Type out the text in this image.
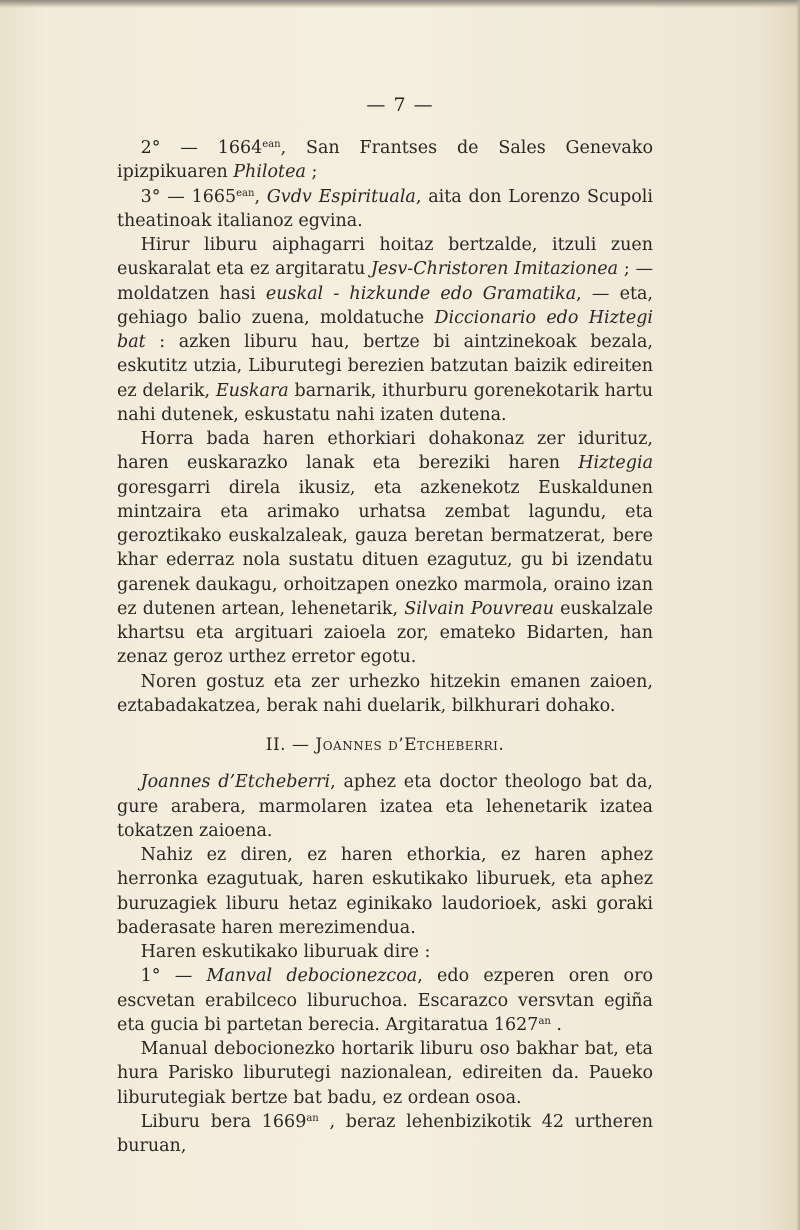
— 7 —

2° — $1664^{ean}$, San Frantses de Sales Genevako ipizpikuaren Philotea ;

3° — $1665^{ean}$, Gvdv Espirituala, aita don Lorenzo Scupoli theatinoak italianoz egvina.

Hirur liburu aiphagarri hoitaz bertzalde, itzuli zuen euskaralat eta ez argitaratu Jesv-Christoren Imitazionea ; — moldatzen hasi euskal - hizkunde edo Gramatika, — eta, gehiago balio zuena, moldatuche Diccionario edo Hiztegi bat : azken liburu hau, bertze bi aintzinekoak bezala, eskutitz utzia, Liburutegi berezien batzutan baizik edireiten ez delarik, Euskara barnarik, ithurburu gorenekotarik hartu nahi dutenek, eskustatu nahi izaten dutena.

Horra bada haren ethorkiari dohakonaz zer idurituz, haren euskarazko lanak eta bereziki haren Hiztegia goresgarri direla ikusiz, eta azkenekotz Euskaldunen mintzaira eta arimako urhatsa zembat lagundu, eta geroztikako euskalzaleak, gauza beretan bermatzerat, bere khar ederraz nola sustatu dituen ezagutuz, gu bi izendatu garenek daukagu, orhoitzapen onezko marmola, oraino izan ez dutenen artean, lehenetarik, Silvain Pouvreau euskalzale khartsu eta argituari zaioela zor, emateko Bidarten, han zenaz geroz urthez erretor egotu.

Noren gostuz eta zer urhezko hitzekin emanen zaioen, eztabadakatzea, berak nahi duelarik, bilkhurari dohako.

II. — Joannes d’Etcheberri.

Joannes d’Etcheberri, aphez eta doctor theologo bat da, gure arabera, marmolaren izatea eta lehenetarik izatea tokatzen zaioena.

Nahiz ez diren, ez haren ethorkia, ez haren aphez herronka ezagutuak, haren eskutikako liburuek, eta aphez buruzagiek liburu hetaz eginikako laudorioek, aski goraki baderasate haren merezimendua.

Haren eskutikako liburuak dire :

1° — Manval debocionezcoa, edo ezperen oren oro escvetan erabilceco liburuchoa. Escarazco versvtan egiña eta gucia bi partetan berecia. Argitaratua $1627^{an}$ .

Manual debocionezko hortarik liburu oso bakhar bat, eta hura Parisko liburutegi nazionalean, edireiten da. Paueko liburutegiak bertze bat badu, ez ordean osoa.

Liburu bera $1669^{an}$ , beraz lehenbizikotik 42 urtheren buruan,
